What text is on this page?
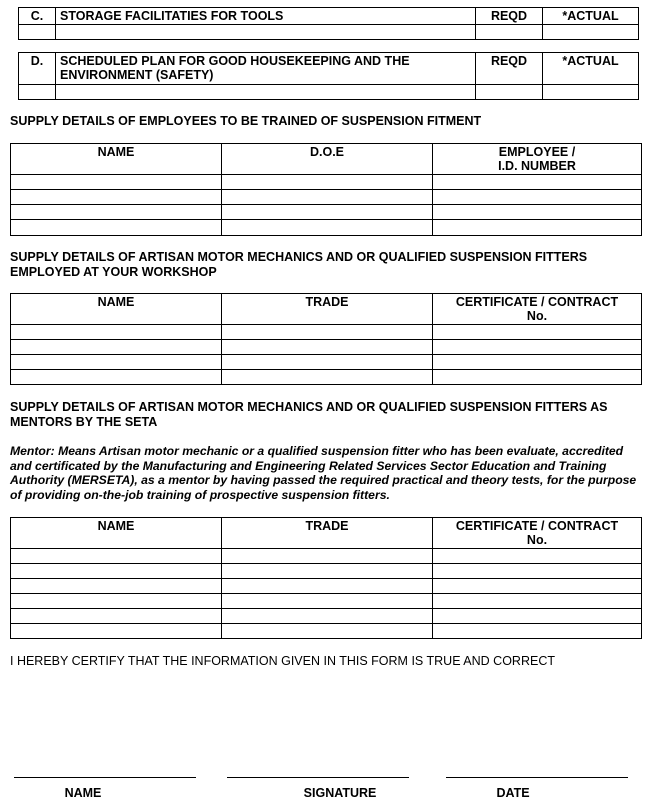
C.	STORAGE FACILITATIES FOR TOOLS	REQD	*ACTUAL

D.	SCHEDULED PLAN FOR GOOD HOUSEKEEPING AND THE ENVIRONMENT (SAFETY)	REQD	*ACTUAL

SUPPLY DETAILS OF EMPLOYEES TO BE TRAINED OF SUSPENSION FITMENT
NAME	D.O.E	EMPLOYEE /
I.D. NUMBER

SUPPLY DETAILS OF ARTISAN MOTOR MECHANICS AND OR QUALIFIED SUSPENSION FITTERS EMPLOYED AT YOUR WORKSHOP
NAME	TRADE	CERTIFICATE / CONTRACT
No.

SUPPLY DETAILS OF ARTISAN MOTOR MECHANICS AND OR QUALIFIED SUSPENSION FITTERS AS MENTORS BY THE SETA
Mentor: Means Artisan motor mechanic or a qualified suspension fitter who has been evaluate, accredited and certificated by the Manufacturing and Engineering Related Services Sector Education and Training Authority (MERSETA), as a mentor by having passed the required practical and theory tests, for the purpose of providing on-the-job training of prospective suspension fitters.
NAME	TRADE	CERTIFICATE / CONTRACT
No.

I HEREBY CERTIFY THAT THE INFORMATION GIVEN IN THIS FORM IS TRUE AND CORRECT
NAME	SIGNATURE	DATE
